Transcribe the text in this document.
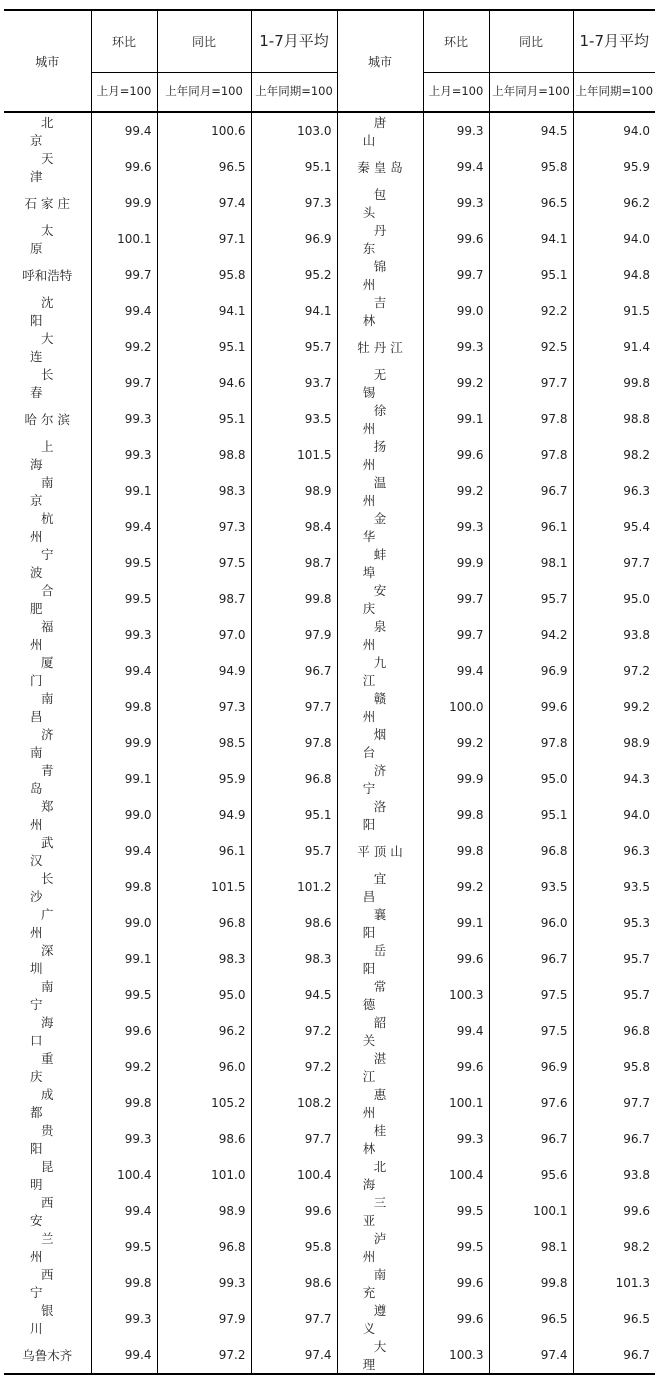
城市	环比	同比	1-7月平均	城市	环比	同比	1-7月平均
	上月=100	上年同月=100	上年同期=100		上月=100	上年同月=100	上年同期=100
北京	99.4	100.6	103.0	唐山	99.3	94.5	94.0
天津	99.6	96.5	95.1	秦皇岛	99.4	95.8	95.9
石家庄	99.9	97.4	97.3	包头	99.3	96.5	96.2
太原	100.1	97.1	96.9	丹东	99.6	94.1	94.0
呼和浩特	99.7	95.8	95.2	锦州	99.7	95.1	94.8
沈阳	99.4	94.1	94.1	吉林	99.0	92.2	91.5
大连	99.2	95.1	95.7	牡丹江	99.3	92.5	91.4
长春	99.7	94.6	93.7	无锡	99.2	97.7	99.8
哈尔滨	99.3	95.1	93.5	徐州	99.1	97.8	98.8
上海	99.3	98.8	101.5	扬州	99.6	97.8	98.2
南京	99.1	98.3	98.9	温州	99.2	96.7	96.3
杭州	99.4	97.3	98.4	金华	99.3	96.1	95.4
宁波	99.5	97.5	98.7	蚌埠	99.9	98.1	97.7
合肥	99.5	98.7	99.8	安庆	99.7	95.7	95.0
福州	99.3	97.0	97.9	泉州	99.7	94.2	93.8
厦门	99.4	94.9	96.7	九江	99.4	96.9	97.2
南昌	99.8	97.3	97.7	赣州	100.0	99.6	99.2
济南	99.9	98.5	97.8	烟台	99.2	97.8	98.9
青岛	99.1	95.9	96.8	济宁	99.9	95.0	94.3
郑州	99.0	94.9	95.1	洛阳	99.8	95.1	94.0
武汉	99.4	96.1	95.7	平顶山	99.8	96.8	96.3
长沙	99.8	101.5	101.2	宜昌	99.2	93.5	93.5
广州	99.0	96.8	98.6	襄阳	99.1	96.0	95.3
深圳	99.1	98.3	98.3	岳阳	99.6	96.7	95.7
南宁	99.5	95.0	94.5	常德	100.3	97.5	95.7
海口	99.6	96.2	97.2	韶关	99.4	97.5	96.8
重庆	99.2	96.0	97.2	湛江	99.6	96.9	95.8
成都	99.8	105.2	108.2	惠州	100.1	97.6	97.7
贵阳	99.3	98.6	97.7	桂林	99.3	96.7	96.7
昆明	100.4	101.0	100.4	北海	100.4	95.6	93.8
西安	99.4	98.9	99.6	三亚	99.5	100.1	99.6
兰州	99.5	96.8	95.8	泸州	99.5	98.1	98.2
西宁	99.8	99.3	98.6	南充	99.6	99.8	101.3
银川	99.3	97.9	97.7	遵义	99.6	96.5	96.5
乌鲁木齐	99.4	97.2	97.4	大理	100.3	97.4	96.7
